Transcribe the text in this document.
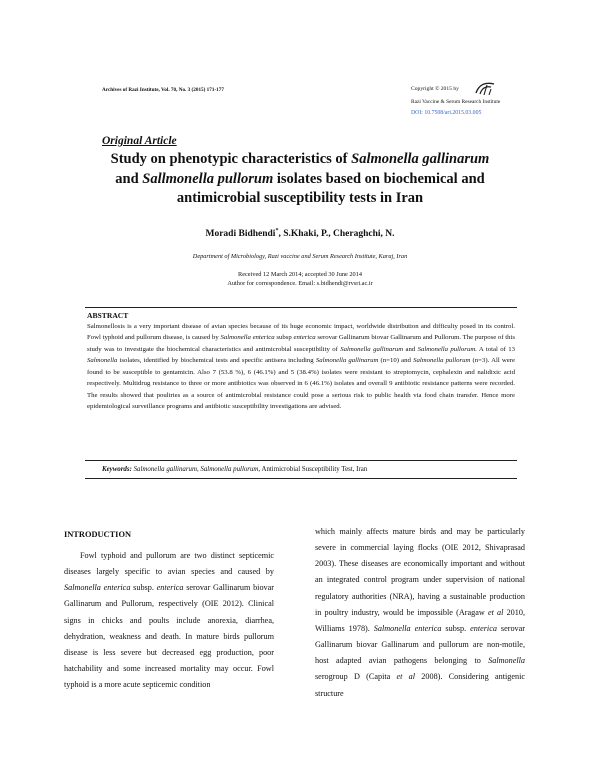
Archives of Razi Institute, Vol. 70, No. 3 (2015) 171-177	Copyright © 2015 by
Razi Vaccine & Serum Research Institute
DOI: 10.7508/ari.2015.03.005
Original Article
Study on phenotypic characteristics of Salmonella gallinarum
and Sallmonella pullorum isolates based on biochemical and
antimicrobial susceptibility tests in Iran
Moradi Bidhendi*, S.Khaki, P., Cheraghchi, N.
Department of Microbiology, Razi vaccine and Serum Research Institute, Karaj, Iran
Received 12 March 2014; accepted 30 June 2014
Author for correspondence. Email: s.bidhendi@rvsri.ac.ir
ABSTRACT

Salmonellosis is a very important disease of avian species because of its huge economic impact, worldwide distribution and difficulty posed in its control. Fowl typhoid and pullorum disease, is caused by Salmonella enterica subsp enterica serovar Gallinarum biovar Gallinarum and Pullorum. The purpose of this study was to investigate the biochemical characteristics and antimicrobial susceptibility of Salmonella gallinarum and Salmonella pullorum. A total of 13 Salmonella isolates, identified by biochemical tests and specific antisera including Salmonella gallinarum (n=10) and Salmonella pullorum (n=3). All were found to be susceptible to gentamicin. Also 7 (53.8 %), 6 (46.1%) and 5 (38.4%) isolates were resistant to streptomycin, cephalexin and nalidixic acid respectively. Multidrug resistance to three or more antibiotics was observed in 6 (46.1%) isolates and overall 9 antibiotic resistance patterns were recorded. The results showed that poultries as a source of antimicrobial resistance could pose a serious risk to public health via food chain transfer. Hence more epidemiological surveillance programs and antibiotic susceptibility investigations are advised.

Keywords: Salmonella gallinarum, Salmonella pullorum, Antimicrobial Susceptibility Test, Iran
INTRODUCTION

Fowl typhoid and pullorum are two distinct septicemic diseases largely specific to avian species and caused by Salmonella enterica subsp. enterica serovar Gallinarum biovar Gallinarum and Pullorum, respectively (OIE 2012). Clinical signs in chicks and poults include anorexia, diarrhea, dehydration, weakness and death. In mature birds pullorum disease is less severe but decreased egg production, poor hatchability and some increased mortality may occur. Fowl typhoid is a more acute septicemic condition

which mainly affects mature birds and may be particularly severe in commercial laying flocks (OIE 2012, Shivaprasad 2003). These diseases are economically important and without an integrated control program under supervision of national regulatory authorities (NRA), having a sustainable production in poultry industry, would be impossible (Aragaw et al 2010, Williams 1978). Salmonella enterica subsp. enterica serovar Gallinarum biovar Gallinarum and pullorum are non-motile, host adapted avian pathogens belonging to Salmonella serogroup D (Capita et al 2008). Considering antigenic structure
